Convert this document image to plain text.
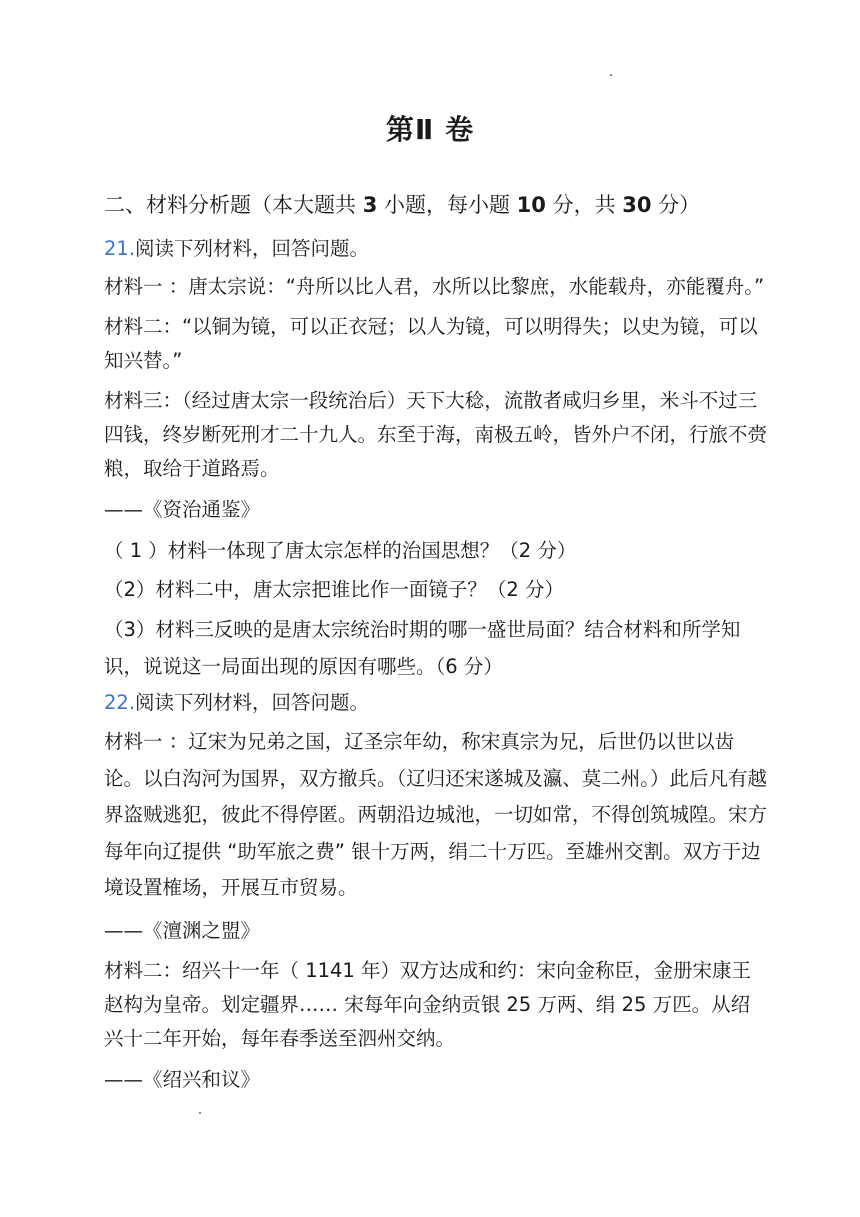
第Ⅱ 卷
二、材料分析题（本大题共 3 小题，每小题 10 分，共 30 分）

21.阅读下列材料，回答问题。

材料一 ：唐太宗说：“舟所以比人君，水所以比黎庶，水能载舟，亦能覆舟。”

材料二：“以铜为镜，可以正衣冠；以人为镜，可以明得失；以史为镜，可以知兴替。”

材料三：（经过唐太宗一段统治后）天下大稔，流散者咸归乡里，米斗不过三四钱，终岁断死刑才二十九人。东至于海，南极五岭，皆外户不闭，行旅不赍粮，取给于道路焉。

——《资治通鉴》

（ 1 ）材料一体现了唐太宗怎样的治国思想？（2 分）

（2）材料二中，唐太宗把谁比作一面镜子？（2 分）

（3）材料三反映的是唐太宗统治时期的哪一盛世局面？结合材料和所学知识，说说这一局面出现的原因有哪些。（6 分）

22.阅读下列材料，回答问题。

材料一 ：辽宋为兄弟之国，辽圣宗年幼，称宋真宗为兄，后世仍以世以齿论。以白沟河为国界，双方撤兵。（辽归还宋遂城及瀛、莫二州。）此后凡有越界盗贼逃犯，彼此不得停匿。两朝沿边城池，一切如常，不得创筑城隍。宋方每年向辽提供 “助军旅之费” 银十万两，绢二十万匹。至雄州交割。双方于边境设置榷场，开展互市贸易。

——《澶渊之盟》

材料二：绍兴十一年（ 1141 年）双方达成和约：宋向金称臣，金册宋康王赵构为皇帝。划定疆界…… 宋每年向金纳贡银 25 万两、绢 25 万匹。从绍兴十二年开始，每年春季送至泗州交纳。

——《绍兴和议》
